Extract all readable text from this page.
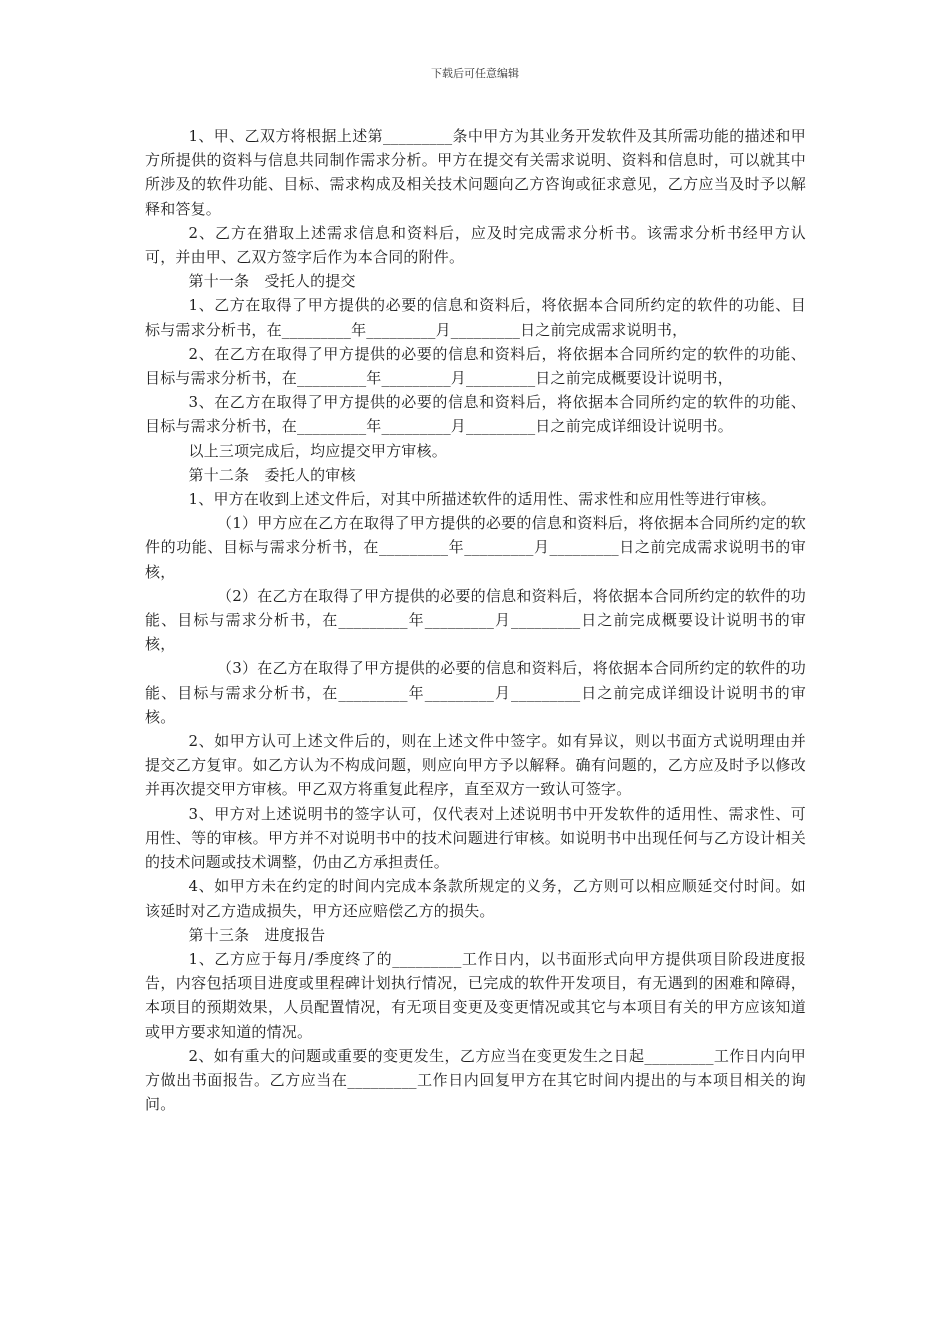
下载后可任意编辑

1、甲、乙双方将根据上述第_________条中甲方为其业务开发软件及其所需功能的描述和甲方所提供的资料与信息共同制作需求分析。甲方在提交有关需求说明、资料和信息时，可以就其中所涉及的软件功能、目标、需求构成及相关技术问题向乙方咨询或征求意见，乙方应当及时予以解释和答复。

2、乙方在猎取上述需求信息和资料后，应及时完成需求分析书。该需求分析书经甲方认可，并由甲、乙双方签字后作为本合同的附件。

第十一条　受托人的提交

1、乙方在取得了甲方提供的必要的信息和资料后，将依据本合同所约定的软件的功能、目标与需求分析书，在_________年_________月_________日之前完成需求说明书，

2、在乙方在取得了甲方提供的必要的信息和资料后，将依据本合同所约定的软件的功能、目标与需求分析书，在_________年_________月_________日之前完成概要设计说明书，

3、在乙方在取得了甲方提供的必要的信息和资料后，将依据本合同所约定的软件的功能、目标与需求分析书，在_________年_________月_________日之前完成详细设计说明书。

以上三项完成后，均应提交甲方审核。

第十二条　委托人的审核

1、甲方在收到上述文件后，对其中所描述软件的适用性、需求性和应用性等进行审核。

（1）甲方应在乙方在取得了甲方提供的必要的信息和资料后，将依据本合同所约定的软件的功能、目标与需求分析书，在_________年_________月_________日之前完成需求说明书的审核，

（2）在乙方在取得了甲方提供的必要的信息和资料后，将依据本合同所约定的软件的功能、目标与需求分析书，在_________年_________月_________日之前完成概要设计说明书的审核，

（3）在乙方在取得了甲方提供的必要的信息和资料后，将依据本合同所约定的软件的功能、目标与需求分析书，在_________年_________月_________日之前完成详细设计说明书的审核。

2、如甲方认可上述文件后的，则在上述文件中签字。如有异议，则以书面方式说明理由并提交乙方复审。如乙方认为不构成问题，则应向甲方予以解释。确有问题的，乙方应及时予以修改并再次提交甲方审核。甲乙双方将重复此程序，直至双方一致认可签字。

3、甲方对上述说明书的签字认可，仅代表对上述说明书中开发软件的适用性、需求性、可用性、等的审核。甲方并不对说明书中的技术问题进行审核。如说明书中出现任何与乙方设计相关的技术问题或技术调整，仍由乙方承担责任。

4、如甲方未在约定的时间内完成本条款所规定的义务，乙方则可以相应顺延交付时间。如该延时对乙方造成损失，甲方还应赔偿乙方的损失。

第十三条　进度报告

1、乙方应于每月/季度终了的_________工作日内，以书面形式向甲方提供项目阶段进度报告，内容包括项目进度或里程碑计划执行情况，已完成的软件开发项目，有无遇到的困难和障碍，本项目的预期效果，人员配置情况，有无项目变更及变更情况或其它与本项目有关的甲方应该知道或甲方要求知道的情况。

2、如有重大的问题或重要的变更发生，乙方应当在变更发生之日起_________工作日内向甲方做出书面报告。乙方应当在_________工作日内回复甲方在其它时间内提出的与本项目相关的询问。
